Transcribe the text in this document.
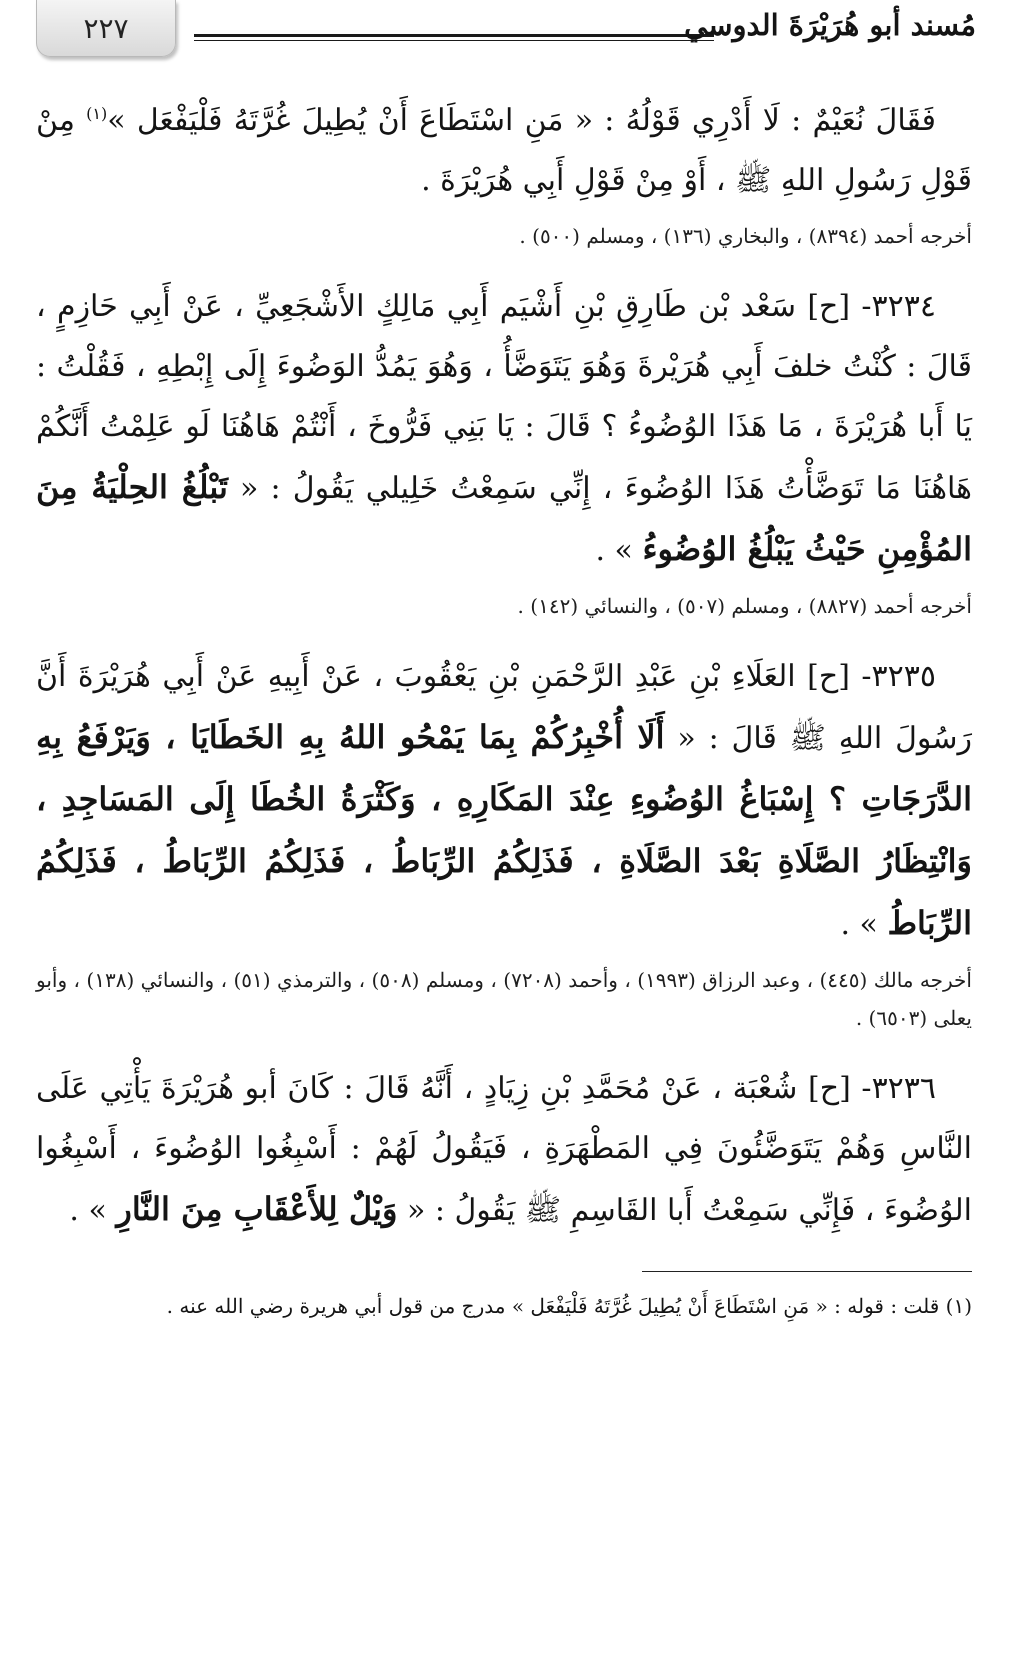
٢٢٧	مُسند أبو هُرَيْرَةَ الدوسي

فَقَالَ نُعَيْمٌ : لَا أَدْرِي قَوْلُهُ : « مَنِ اسْتَطَاعَ أَنْ يُطِيلَ غُرَّتَهُ فَلْيَفْعَل »$^{(١)}$ مِنْ قَوْلِ رَسُولِ اللهِ ﷺ ، أَوْ مِنْ قَوْلِ أَبِي هُرَيْرَةَ .

أخرجه أحمد (٨٣٩٤) ، والبخاري (١٣٦) ، ومسلم (٥٠٠) .

٣٢٣٤- [ح] سَعْد بْن طَارِقِ بْنِ أَشْيَم أَبِي مَالِكٍ الأَشْجَعِيِّ ، عَنْ أَبِي حَازِمٍ ، قَالَ : كُنْتُ خلفَ أَبِي هُرَيْرةَ وَهُوَ يَتَوَضَّأُ ، وَهُوَ يَمُدُّ الوَضُوءَ إِلَى إِبْطِهِ ، فَقُلْتُ : يَا أَبا هُرَيْرَةَ ، مَا هَذَا الوُضُوءُ ؟ قَالَ : يَا بَنِي فَرُّوخَ ، أَنْتُمْ هَاهُنَا لَو عَلِمْتُ أَنَّكُمْ هَاهُنَا مَا تَوَضَّأْتُ هَذَا الوُضُوءَ ، إِنِّي سَمِعْتُ خَلِيلي يَقُولُ : « تَبْلُغُ الحِلْيَةُ مِنَ المُؤْمِنِ حَيْثُ يَبْلُغُ الوُضُوءُ » .

أخرجه أحمد (٨٨٢٧) ، ومسلم (٥٠٧) ، والنسائي (١٤٢) .

٣٢٣٥- [ح] العَلَاءِ بْنِ عَبْدِ الرَّحْمَنِ بْنِ يَعْقُوبَ ، عَنْ أَبِيهِ عَنْ أَبِي هُرَيْرَةَ أَنَّ رَسُولَ اللهِ ﷺ قَالَ : « أَلَا أُخْبِرُكُمْ بِمَا يَمْحُو اللهُ بِهِ الخَطَايَا ، وَيَرْفَعُ بِهِ الدَّرَجَاتِ ؟ إِسْبَاغُ الوُضُوءِ عِنْدَ المَكَارِهِ ، وَكَثْرَةُ الخُطَا إِلَى المَسَاجِدِ ، وَانْتِظَارُ الصَّلَاةِ بَعْدَ الصَّلَاةِ ، فَذَلِكُمُ الرِّبَاطُ ، فَذَلِكُمُ الرِّبَاطُ ، فَذَلِكُمُ الرِّبَاطُ » .

أخرجه مالك (٤٤٥) ، وعبد الرزاق (١٩٩٣) ، وأحمد (٧٢٠٨) ، ومسلم (٥٠٨) ، والترمذي (٥١) ، والنسائي (١٣٨) ، وأبو يعلى (٦٥٠٣) .

٣٢٣٦- [ح] شُعْبَة ، عَنْ مُحَمَّدِ بْنِ زِيَادٍ ، أَنَّهُ قَالَ : كَانَ أبو هُرَيْرَةَ يَأْتِي عَلَى النَّاسِ وَهُمْ يَتَوَضَّئُونَ فِي المَطْهَرَةِ ، فَيَقُولُ لَهُمْ : أَسْبِغُوا الوُضُوءَ ، أَسْبِغُوا الوُضُوءَ ، فَإِنِّي سَمِعْتُ أَبا القَاسِمِ ﷺ يَقُولُ : « وَيْلٌ لِلأَعْقَابِ مِنَ النَّارِ » .

(١) قلت : قوله : « مَنِ اسْتَطَاعَ أَنْ يُطِيلَ غُرَّتَهُ فَلْيَفْعَل » مدرج من قول أبي هريرة رضي الله عنه .
